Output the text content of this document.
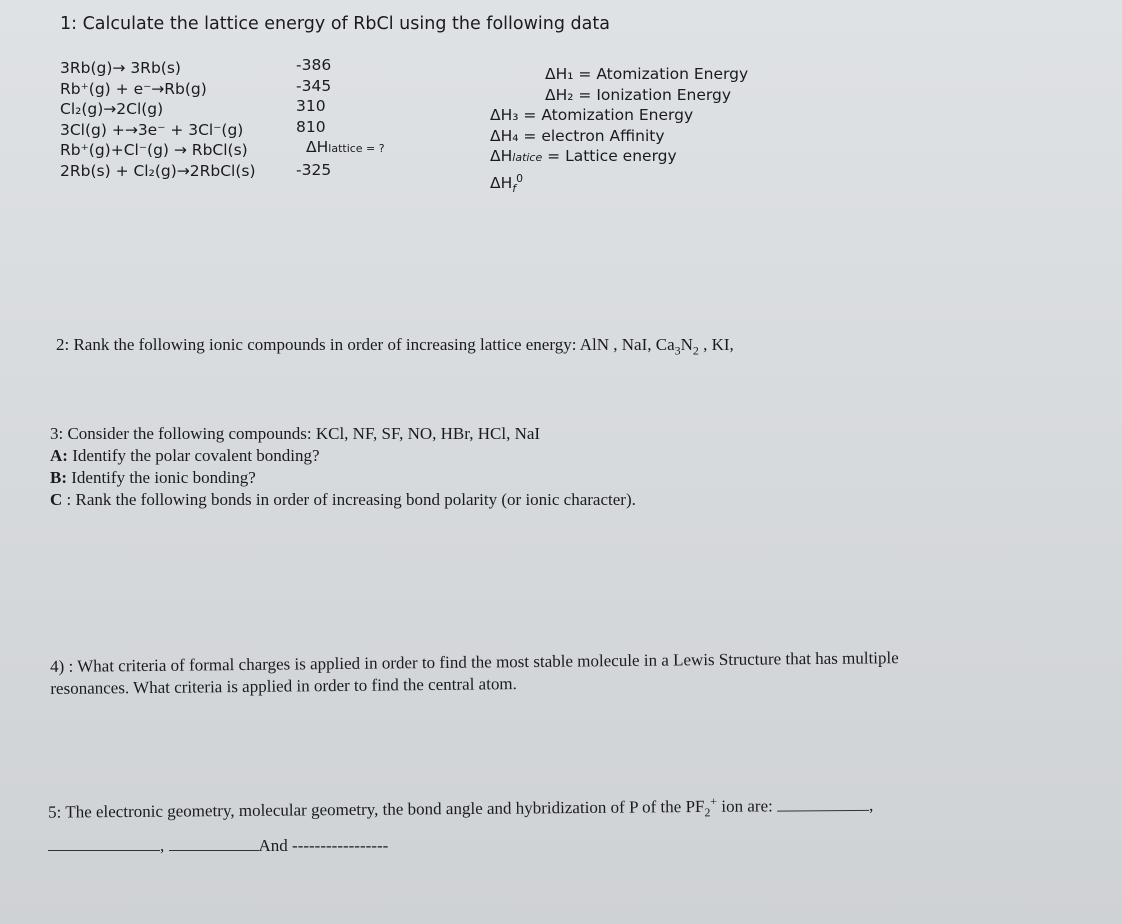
1: Calculate the lattice energy of RbCl using the following data
3Rb(g)→ 3Rb(s)
Rb⁺(g) + e⁻→Rb(g)
Cl₂(g)→2Cl(g)
3Cl(g) +→3e⁻ + 3Cl⁻(g)
Rb⁺(g)+Cl⁻(g) → RbCl(s)
2Rb(s) + Cl₂(g)→2RbCl(s)
-386
-345
310
810
ΔHlattice = ?
-325
ΔH₁ = Atomization Energy
ΔH₂ = Ionization Energy
ΔH₃ = Atomization Energy
ΔH₄ = electron Affinity
ΔHlatice = Lattice energy
$\Delta H_f^0$
2: Rank the following ionic compounds in order of increasing lattice energy: AlN , NaI, $Ca_3N_2$ , KI,
3: Consider the following compounds: KCl, NF, SF, NO, HBr, HCl, NaI
A: Identify the polar covalent bonding?
B: Identify the ionic bonding?
C : Rank the following bonds in order of increasing bond polarity (or ionic character).
4) : What criteria of formal charges is applied in order to find the most stable molecule in a Lewis Structure that has multiple
resonances. What criteria is applied in order to find the central atom.
5: The electronic geometry, molecular geometry, the bond angle and hybridization of P of the $PF_2^+$ ion are:	,
,	And -----------------
